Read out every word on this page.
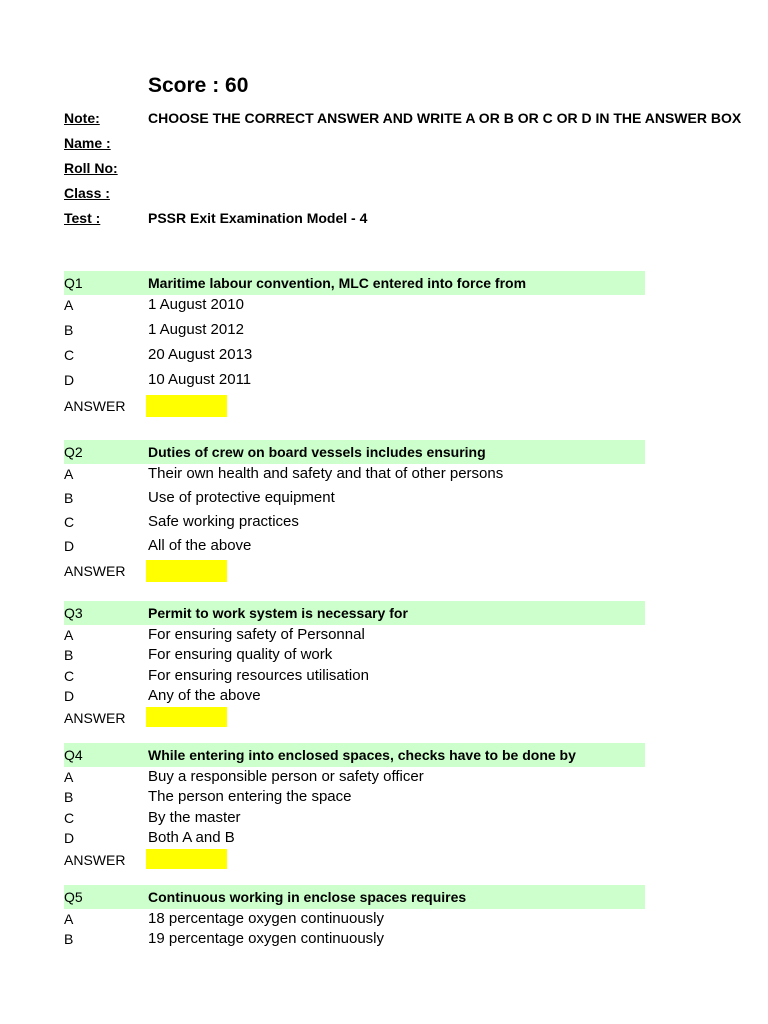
Score : 60
Note:	CHOOSE THE CORRECT ANSWER AND WRITE A OR B OR C OR D IN THE ANSWER BOX
Name :
Roll No:
Class :
Test :	PSSR Exit Examination Model - 4
Q1	Maritime labour convention, MLC entered into force from
A	1 August 2010
B	1 August 2012
C	20 August 2013
D	10 August 2011
ANSWER
Q2	Duties of crew on board vessels includes ensuring
A	Their own health and safety and that of other persons
B	Use of protective equipment
C	Safe working practices
D	All of the above
ANSWER
Q3	Permit to work system is necessary for
A	For ensuring safety of Personnal
B	For ensuring quality of work
C	For ensuring resources utilisation
D	Any of the above
ANSWER
Q4	While entering into enclosed spaces, checks have to be done by
A	Buy a responsible person or safety officer
B	The person entering the space
C	By the master
D	Both A and B
ANSWER
Q5	Continuous working in enclose spaces requires
A	18 percentage oxygen continuously
B	19 percentage oxygen continuously
